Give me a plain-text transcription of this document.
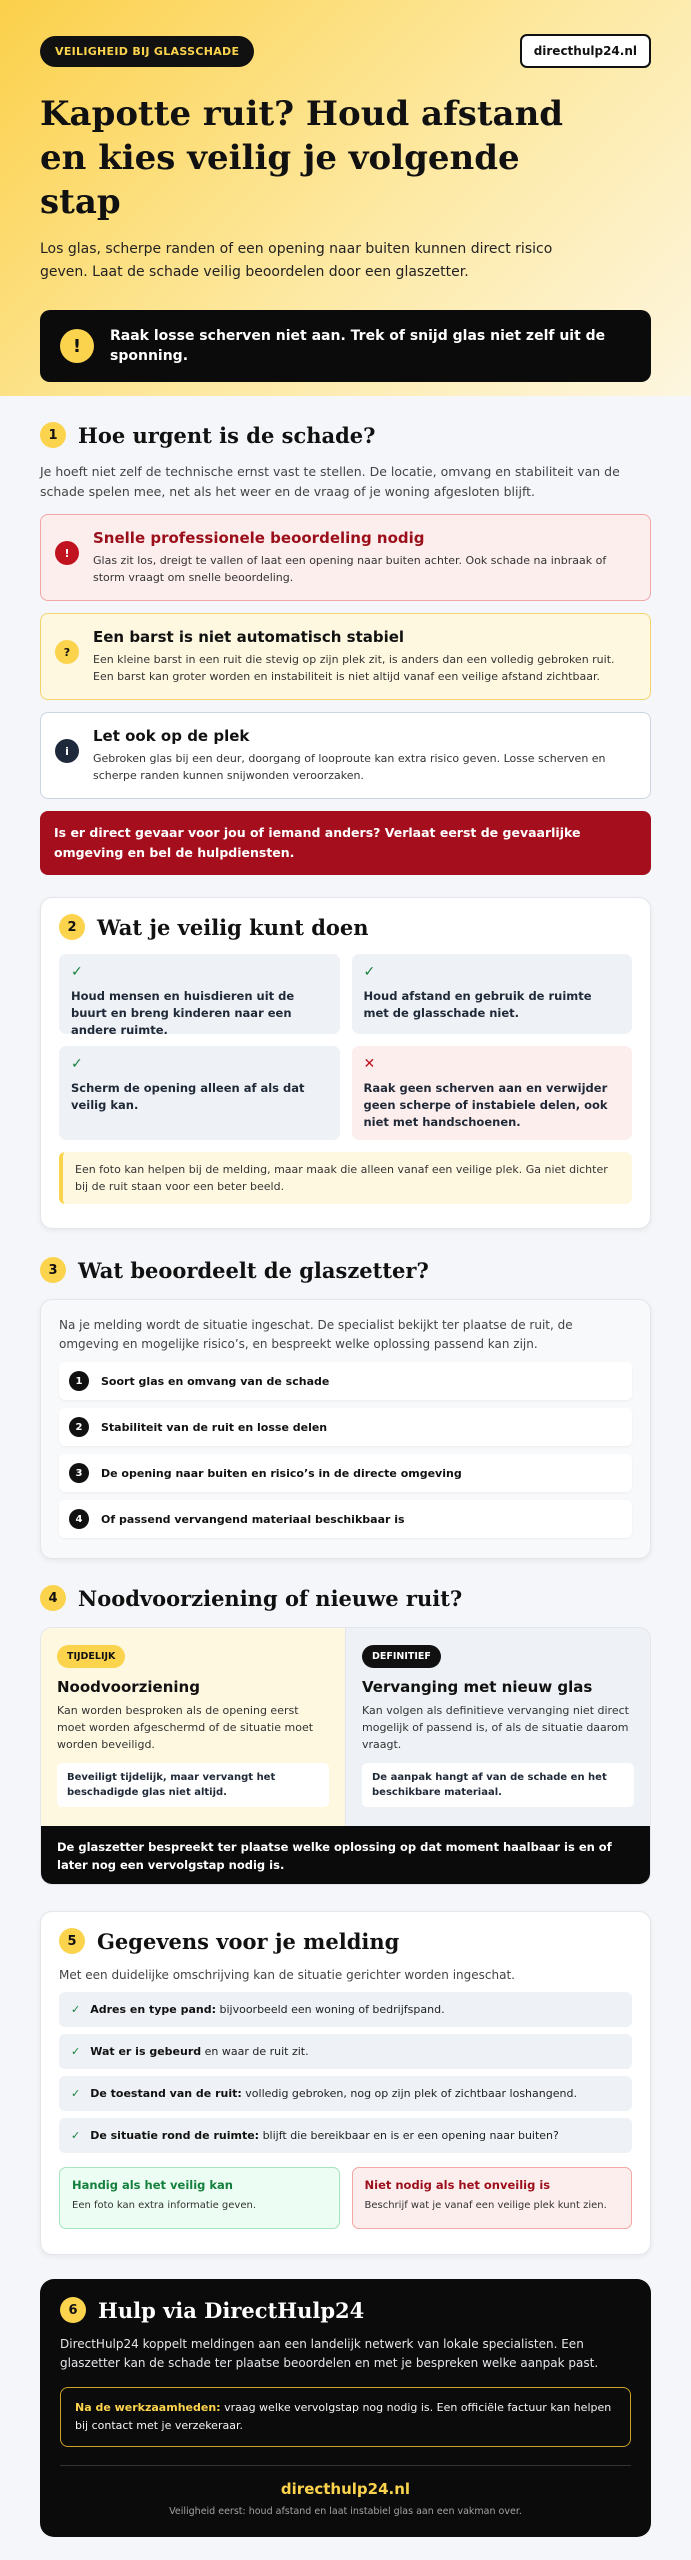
VEILIGHEID BIJ GLASSCHADE	directhulp24.nl
Kapotte ruit? Houd afstand en kies veilig je volgende stap

Los glas, scherpe randen of een opening naar buiten kunnen direct risico geven. Laat de schade veilig beoordelen door een glaszetter.

!	Raak losse scherven niet aan. Trek of snijd glas niet zelf uit de sponning.

1 Hoe urgent is de schade?

Je hoeft niet zelf de technische ernst vast te stellen. De locatie, omvang en stabiliteit van de schade spelen mee, net als het weer en de vraag of je woning afgesloten blijft.

!
Snelle professionele beoordeling nodig

Glas zit los, dreigt te vallen of laat een opening naar buiten achter. Ook schade na inbraak of storm vraagt om snelle beoordeling.

?
Een barst is niet automatisch stabiel

Een kleine barst in een ruit die stevig op zijn plek zit, is anders dan een volledig gebroken ruit. Een barst kan groter worden en instabiliteit is niet altijd vanaf een veilige afstand zichtbaar.

i
Let ook op de plek

Gebroken glas bij een deur, doorgang of looproute kan extra risico geven. Losse scherven en scherpe randen kunnen snijwonden veroorzaken.

Is er direct gevaar voor jou of iemand anders? Verlaat eerst de gevaarlijke omgeving en bel de hulpdiensten.
2 Wat je veilig kunt doen
✓

Houd mensen en huisdieren uit de buurt en breng kinderen naar een andere ruimte.

✓

Houd afstand en gebruik de ruimte met de glasschade niet.

✓

Scherm de opening alleen af als dat veilig kan.

✕

Raak geen scherven aan en verwijder geen scherpe of instabiele delen, ook niet met handschoenen.

Een foto kan helpen bij de melding, maar maak die alleen vanaf een veilige plek. Ga niet dichter bij de ruit staan voor een beter beeld.
3 Wat beoordeelt de glaszetter?

Na je melding wordt de situatie ingeschat. De specialist bekijkt ter plaatse de ruit, de omgeving en mogelijke risico’s, en bespreekt welke oplossing passend kan zijn.

1	Soort glas en omvang van de schade
2	Stabiliteit van de ruit en losse delen
3	De opening naar buiten en risico’s in de directe omgeving
4	Of passend vervangend materiaal beschikbaar is
4 Noodvoorziening of nieuwe ruit?
TIJDELIJK
Noodvoorziening

Kan worden besproken als de opening eerst moet worden afgeschermd of de situatie moet worden beveiligd.

Beveiligt tijdelijk, maar vervangt het beschadigde glas niet altijd.
DEFINITIEF
Vervanging met nieuw glas

Kan volgen als definitieve vervanging niet direct mogelijk of passend is, of als de situatie daarom vraagt.

De aanpak hangt af van de schade en het beschikbare materiaal.
De glaszetter bespreekt ter plaatse welke oplossing op dat moment haalbaar is en of later nog een vervolgstap nodig is.
5 Gegevens voor je melding

Met een duidelijke omschrijving kan de situatie gerichter worden ingeschat.

✓ Adres en type pand: bijvoorbeeld een woning of bedrijfspand.
✓ Wat er is gebeurd en waar de ruit zit.
✓ De toestand van de ruit: volledig gebroken, nog op zijn plek of zichtbaar loshangend.
✓ De situatie rond de ruimte: blijft die bereikbaar en is er een opening naar buiten?
Handig als het veilig kan

Een foto kan extra informatie geven.

Niet nodig als het onveilig is

Beschrijf wat je vanaf een veilige plek kunt zien.

6 Hulp via DirectHulp24

DirectHulp24 koppelt meldingen aan een landelijk netwerk van lokale specialisten. Een glaszetter kan de schade ter plaatse beoordelen en met je bespreken welke aanpak past.

Na de werkzaamheden: vraag welke vervolgstap nog nodig is. Een officiële factuur kan helpen bij contact met je verzekeraar.
directhulp24.nl
Veiligheid eerst: houd afstand en laat instabiel glas aan een vakman over.
